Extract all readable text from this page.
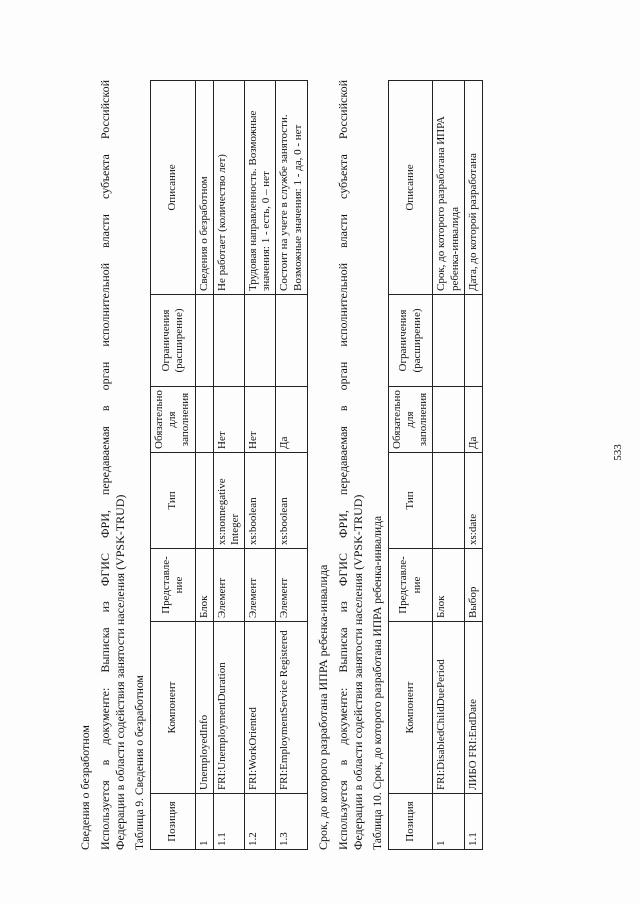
533

Сведения о безработном Используется в документе: Выписка из ФГИС ФРИ, передаваемая в орган исполнительной власти субъекта Российской Федерации в области содействия занятости населения (VPSK-TRUD) Таблица 9. Сведения о безработном Позиция	Компонент	Представле-ние	Тип	Обязательно для заполнения	Ограничения (расширение)	Описание
1	UnemployedInfo	Блок				Сведения о безработном
1.1	FRI:UnemploymentDuration	Элемент	xs:nonnegative Integer	Нет		Не работает (количество лет)
1.2	FRI:WorkOriented	Элемент	xs:boolean	Нет		Трудовая направленность. Возможные значения: 1 - есть, 0 – нет
1.3	FRI:EmploymentService Registered	Элемент	xs:boolean	Да		Состоит на учете в службе занятости. Возможные значения: 1 - да, 0 - нет

Срок, до которого разработана ИПРА ребенка-инвалида Используется в документе: Выписка из ФГИС ФРИ, передаваемая в орган исполнительной власти субъекта Российской Федерации в области содействия занятости населения (VPSK-TRUD) Таблица 10. Срок, до которого разработана ИПРА ребенка-инвалида Позиция	Компонент	Представле-ние	Тип	Обязательно для заполнения	Ограничения (расширение)	Описание
1	FRI:DisabledChildDuePeriod	Блок				Срок, до которого разработана ИПРА ребенка-инвалида
1.1	ЛИБО FRI:EndDate	Выбор	xs:date	Да		Дата, до которой разработана
